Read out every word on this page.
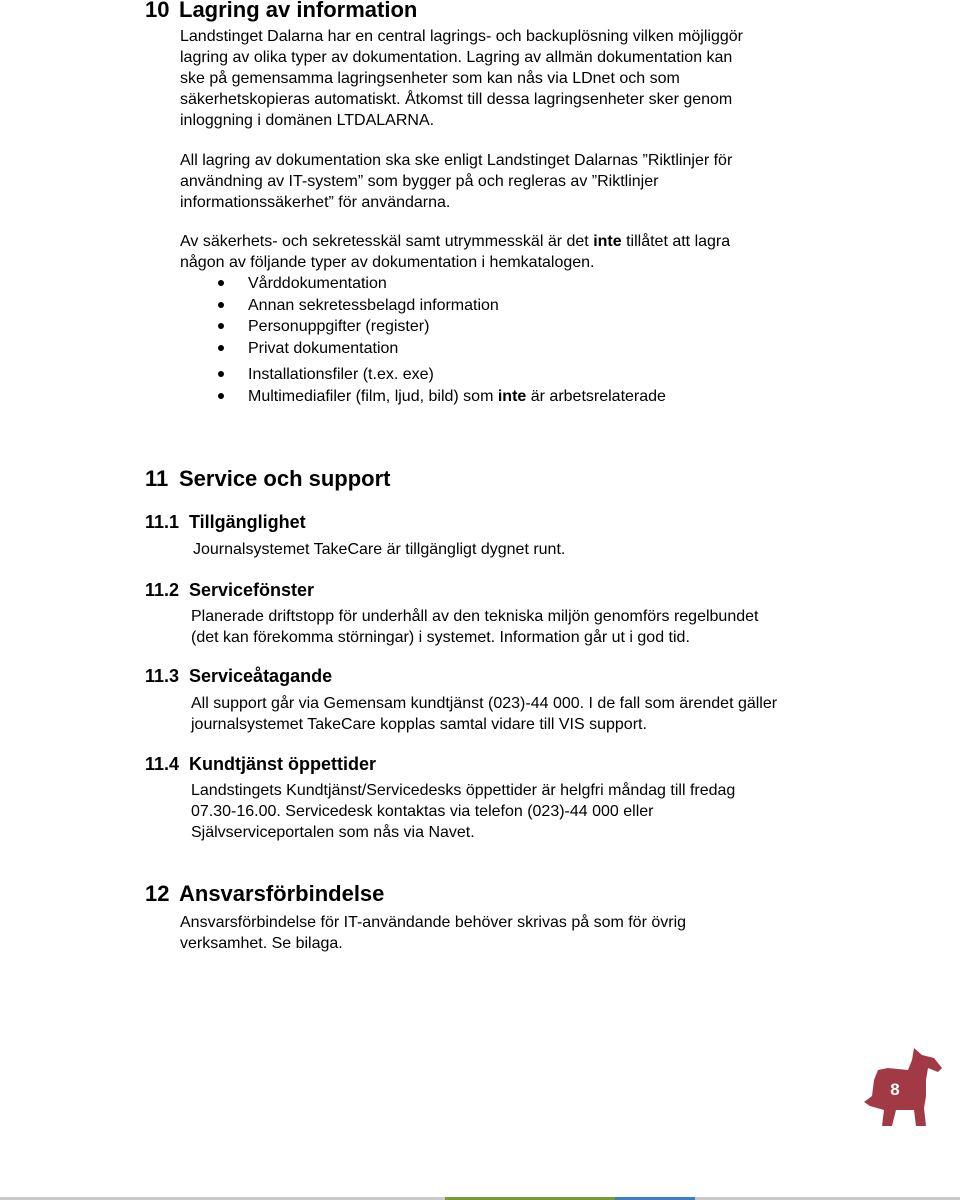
10 Lagring av information
Landstinget Dalarna har en central lagrings- och backuplösning vilken möjliggör
lagring av olika typer av dokumentation. Lagring av allmän dokumentation kan
ske på gemensamma lagringsenheter som kan nås via LDnet och som
säkerhetskopieras automatiskt. Åtkomst till dessa lagringsenheter sker genom
inloggning i domänen LTDALARNA.
All lagring av dokumentation ska ske enligt Landstinget Dalarnas ”Riktlinjer för
användning av IT-system” som bygger på och regleras av ”Riktlinjer
informationssäkerhet” för användarna.
Av säkerhets- och sekretesskäl samt utrymmesskäl är det inte tillåtet att lagra
någon av följande typer av dokumentation i hemkatalogen.
Vårddokumentation
Annan sekretessbelagd information
Personuppgifter (register)
Privat dokumentation
Installationsfiler (t.ex. exe)
Multimediafiler (film, ljud, bild) som inte är arbetsrelaterade
11 Service och support
11.1 Tillgänglighet
Journalsystemet TakeCare är tillgängligt dygnet runt.
11.2 Servicefönster
Planerade driftstopp för underhåll av den tekniska miljön genomförs regelbundet
(det kan förekomma störningar) i systemet. Information går ut i god tid.
11.3 Serviceåtagande
All support går via Gemensam kundtjänst (023)-44 000. I de fall som ärendet gäller
journalsystemet TakeCare kopplas samtal vidare till VIS support.
11.4 Kundtjänst öppettider
Landstingets Kundtjänst/Servicedesks öppettider är helgfri måndag till fredag
07.30-16.00. Servicedesk kontaktas via telefon (023)-44 000 eller
Självserviceportalen som nås via Navet.
12 Ansvarsförbindelse
Ansvarsförbindelse för IT-användande behöver skrivas på som för övrig
verksamhet. Se bilaga.
8
